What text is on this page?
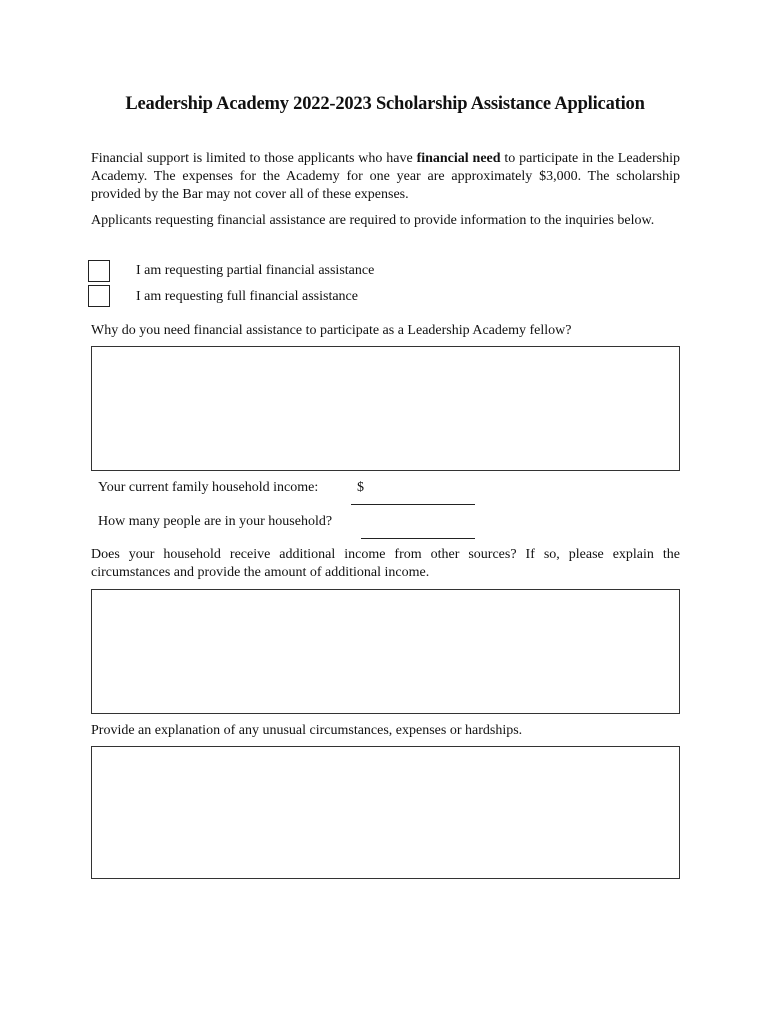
Leadership Academy 2022-2023 Scholarship Assistance Application
Financial support is limited to those applicants who have financial need to participate in the Leadership Academy. The expenses for the Academy for one year are approximately $3,000. The scholarship provided by the Bar may not cover all of these expenses.
Applicants requesting financial assistance are required to provide information to the inquiries below.
I am requesting partial financial assistance
I am requesting full financial assistance
Why do you need financial assistance to participate as a Leadership Academy fellow?
Your current family household income:	$
How many people are in your household?
Does your household receive additional income from other sources? If so, please explain the circumstances and provide the amount of additional income.
Provide an explanation of any unusual circumstances, expenses or hardships.
